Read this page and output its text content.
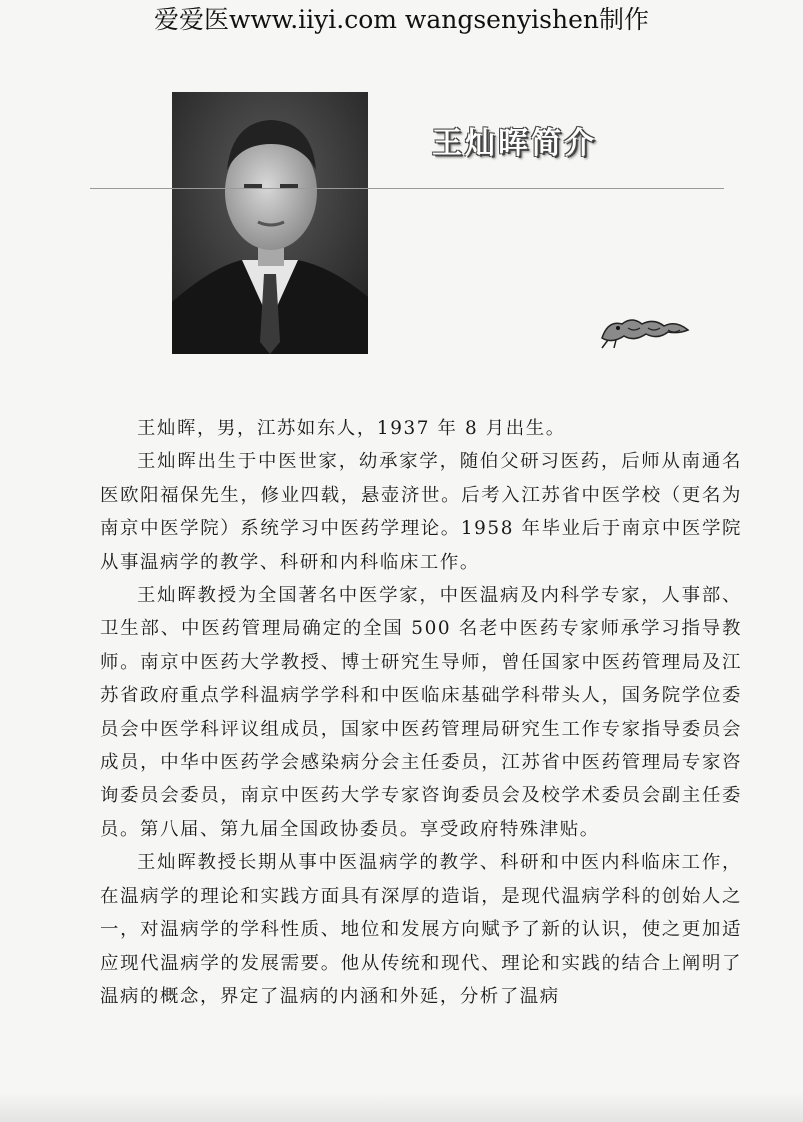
爱爱医www.iiyi.com wangsenyishen制作
王灿晖简介

王灿晖，男，江苏如东人，1937 年 8 月出生。

王灿晖出生于中医世家，幼承家学，随伯父研习医药，后师从南通名医欧阳福保先生，修业四载，悬壶济世。后考入江苏省中医学校（更名为南京中医学院）系统学习中医药学理论。1958 年毕业后于南京中医学院从事温病学的教学、科研和内科临床工作。

王灿晖教授为全国著名中医学家，中医温病及内科学专家，人事部、卫生部、中医药管理局确定的全国 500 名老中医药专家师承学习指导教师。南京中医药大学教授、博士研究生导师，曾任国家中医药管理局及江苏省政府重点学科温病学学科和中医临床基础学科带头人，国务院学位委员会中医学科评议组成员，国家中医药管理局研究生工作专家指导委员会成员，中华中医药学会感染病分会主任委员，江苏省中医药管理局专家咨询委员会委员，南京中医药大学专家咨询委员会及校学术委员会副主任委员。第八届、第九届全国政协委员。享受政府特殊津贴。

王灿晖教授长期从事中医温病学的教学、科研和中医内科临床工作，在温病学的理论和实践方面具有深厚的造诣，是现代温病学科的创始人之一，对温病学的学科性质、地位和发展方向赋予了新的认识，使之更加适应现代温病学的发展需要。他从传统和现代、理论和实践的结合上阐明了温病的概念，界定了温病的内涵和外延，分析了温病
